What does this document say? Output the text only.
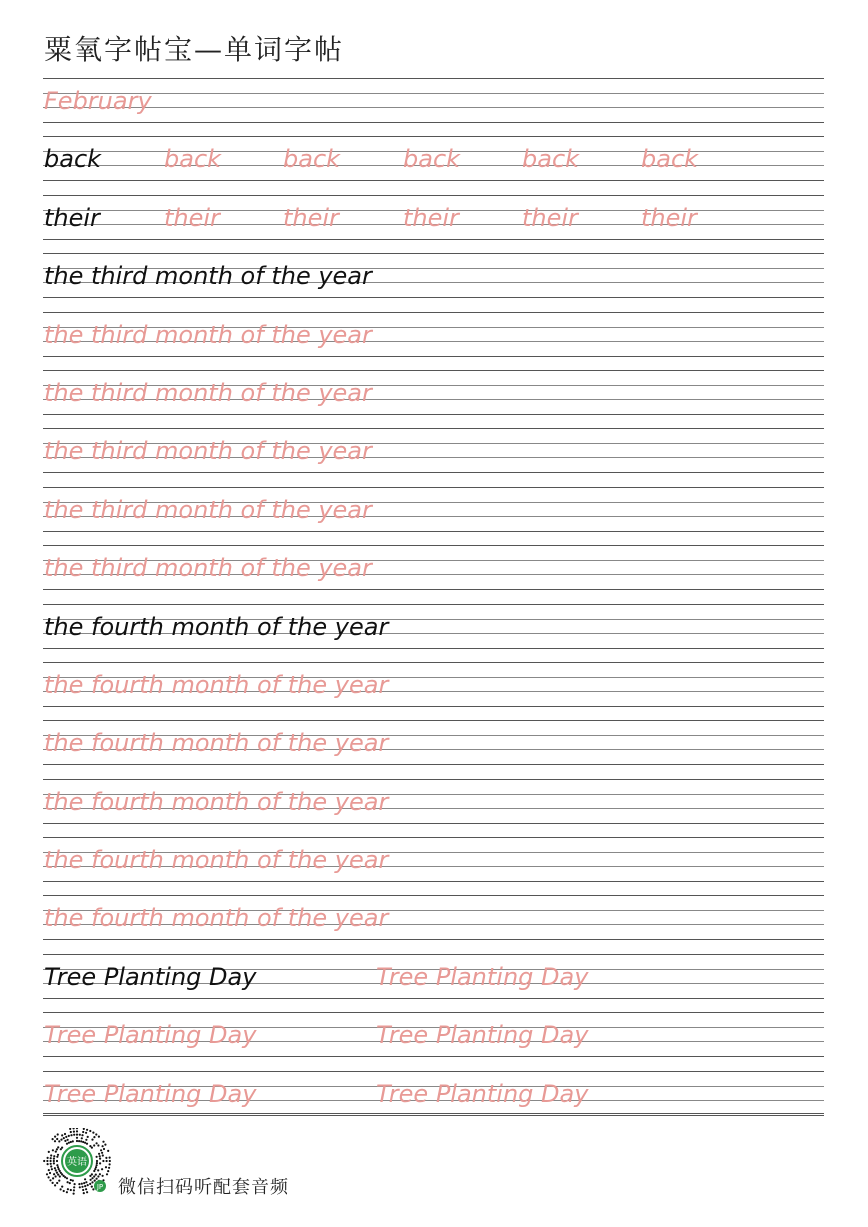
粟氧字帖宝—单词字帖
February
back	back	back	back	back	back
their	their	their	their	their	their
the third month of the year
the third month of the year
the third month of the year
the third month of the year
the third month of the year
the third month of the year
the fourth month of the year
the fourth month of the year
the fourth month of the year
the fourth month of the year
the fourth month of the year
the fourth month of the year
Tree Planting Day	Tree Planting Day
Tree Planting Day	Tree Planting Day
Tree Planting Day	Tree Planting Day
英语
JP 微信扫码听配套音频
